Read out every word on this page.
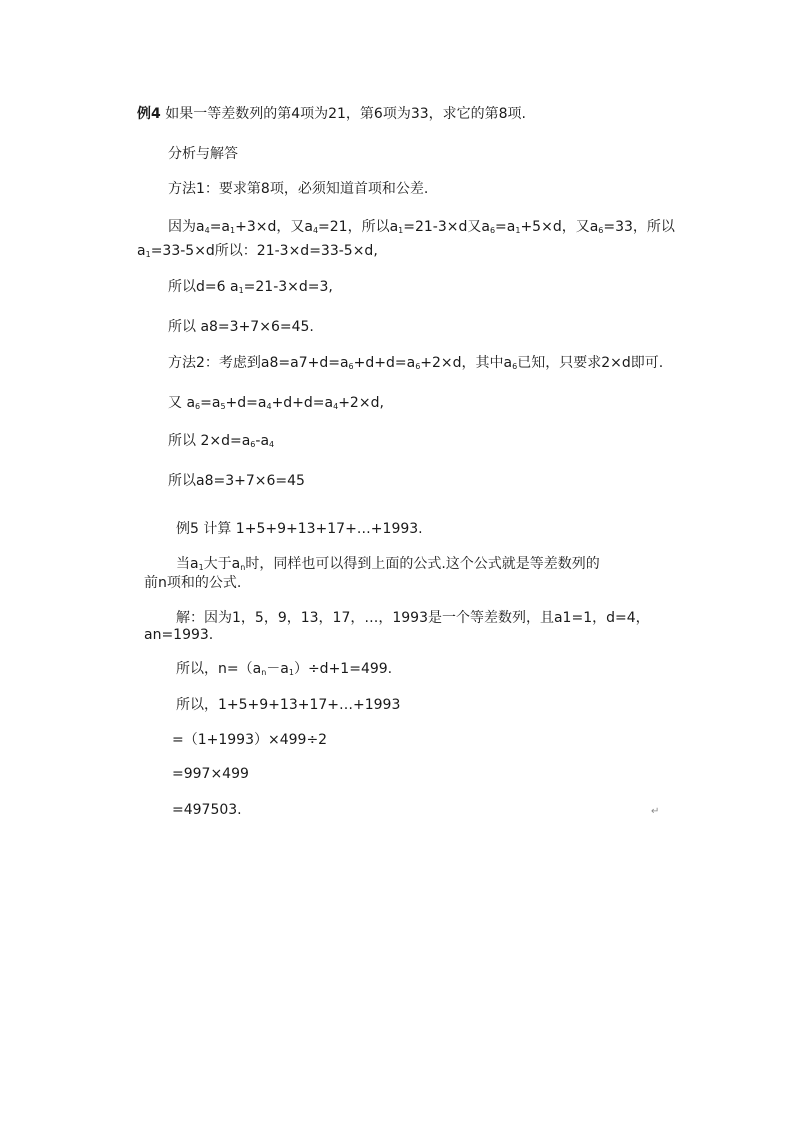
例4 如果一等差数列的第4项为21，第6项为33，求它的第8项.
分析与解答
方法1：要求第8项，必须知道首项和公差.
因为$a_4=a_1+3\times d$，又$a_4=21$，所以$a_1=21-3\times d$又$a_6=a_1+5\times d$，又$a_6=33$，所以
$a_1=33-5\times d$所以：21-3×d=33-5×d,
所以d=6 $a_1=21-3\times d=3$,
所以 a8=3+7×6=45.
方法2：考虑到$a8=a7+d=a_6+d+d=a_6+2\times d$，其中$a_6$已知，只要求2×d即可.
又 $a_6=a_5+d=a_4+d+d=a_4+2\times d$,
所以 $2\times d=a_6-a_4$
所以a8=3+7×6=45
例5 计算 1+5+9+13+17+…+1993.
当$a_1$大于$a_n$时，同样也可以得到上面的公式.这个公式就是等差数列的
前n项和的公式.
解：因为1，5，9，13，17，…，1993是一个等差数列，且a1=1，d=4，
an=1993.
所以，$n=(a_n-a_1)\div d+1=499$.
所以，1+5+9+13+17+…+1993
=（1+1993）×499÷2
=997×499
=497503.	↵
